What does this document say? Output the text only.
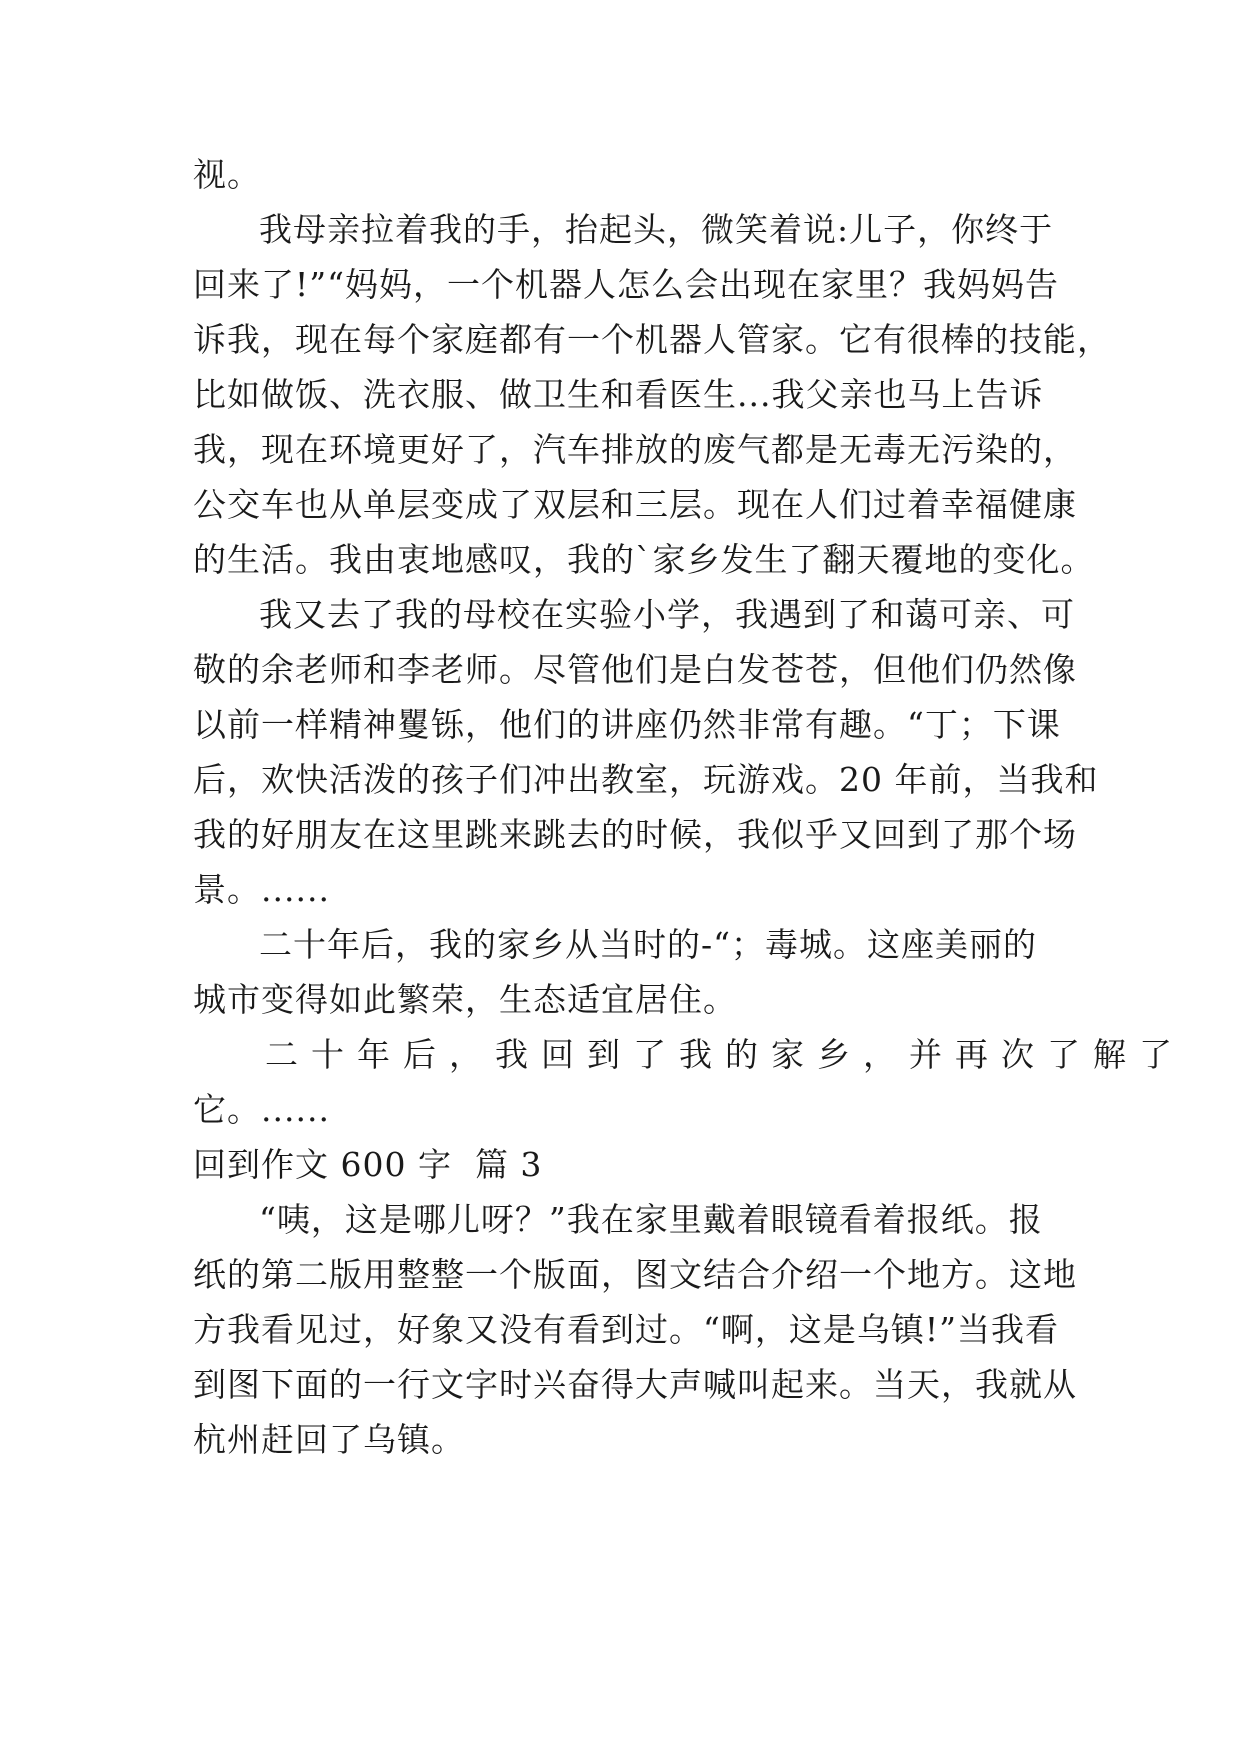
视。
我母亲拉着我的手，抬起头，微笑着说:儿子，你终于
回来了!”“妈妈，一个机器人怎么会出现在家里？我妈妈告
诉我，现在每个家庭都有一个机器人管家。它有很棒的技能，
比如做饭、洗衣服、做卫生和看医生...我父亲也马上告诉
我，现在环境更好了，汽车排放的废气都是无毒无污染的，
公交车也从单层变成了双层和三层。现在人们过着幸福健康
的生活。我由衷地感叹，我的`家乡发生了翻天覆地的变化。
我又去了我的母校在实验小学，我遇到了和蔼可亲、可
敬的余老师和李老师。尽管他们是白发苍苍，但他们仍然像
以前一样精神矍铄，他们的讲座仍然非常有趣。“丁；下课
后，欢快活泼的孩子们冲出教室，玩游戏。20 年前，当我和
我的好朋友在这里跳来跳去的时候，我似乎又回到了那个场
景。......
二十年后，我的家乡从当时的-“；毒城。这座美丽的
城市变得如此繁荣，生态适宜居住。
二十年后，我回到了我的家乡，并再次了解了
它。......
回到作文 600 字  篇 3
“咦，这是哪儿呀？”我在家里戴着眼镜看着报纸。报
纸的第二版用整整一个版面，图文结合介绍一个地方。这地
方我看见过，好象又没有看到过。“啊，这是乌镇!”当我看
到图下面的一行文字时兴奋得大声喊叫起来。当天，我就从
杭州赶回了乌镇。
